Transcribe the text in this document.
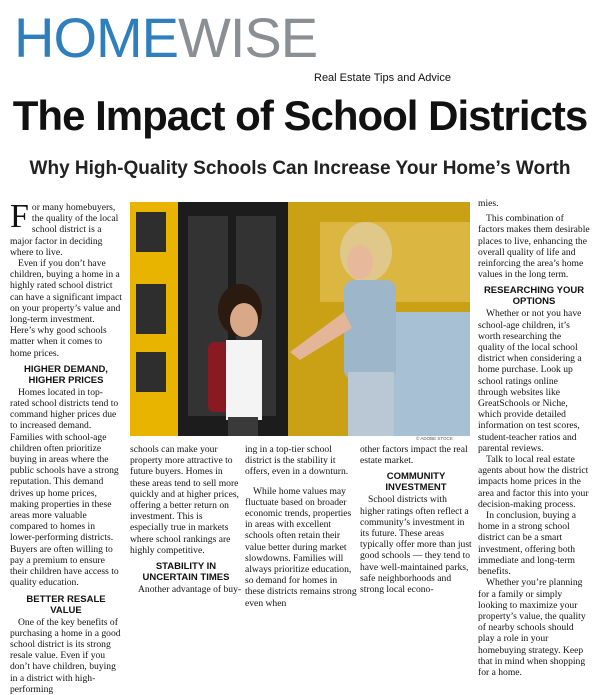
HOMEWISE
Real Estate Tips and Advice
The Impact of School Districts
Why High-Quality Schools Can Increase Your Home’s Worth

For many homebuyers, the quality of the local school district is a major factor in deciding where to live.

Even if you don’t have children, buying a home in a highly rated school district can have a significant impact on your property’s value and long-term investment. Here’s why good schools matter when it comes to home prices.

HIGHER DEMAND, HIGHER PRICES

Homes located in top-rated school districts tend to command higher prices due to increased demand. Families with school-age children often prioritize buying in areas where the public schools have a strong reputation. This demand drives up home prices, making properties in these areas more valuable compared to homes in lower-performing districts. Buyers are often willing to pay a premium to ensure their children have access to quality education.

BETTER RESALE VALUE

One of the key benefits of purchasing a home in a good school district is its strong resale value. Even if you don’t have children, buying in a district with high-performing

© ADOBE STOCK

schools can make your property more attractive to future buyers. Homes in these areas tend to sell more quickly and at higher prices, offering a better return on investment. This is especially true in markets where school rankings are highly competitive.

STABILITY IN UNCERTAIN TIMES

Another advantage of buy-

ing in a top-tier school district is the stability it offers, even in a downturn.

While home values may fluctuate based on broader economic trends, properties in areas with excellent schools often retain their value better during market slowdowns. Families will always prioritize education, so demand for homes in these districts remains strong even when

other factors impact the real estate market.

COMMUNITY INVESTMENT

School districts with higher ratings often reflect a community’s investment in its future. These areas typically offer more than just good schools — they tend to have well-maintained parks, safe neighborhoods and strong local econo-

mies.

This combination of factors makes them desirable places to live, enhancing the overall quality of life and reinforcing the area’s home values in the long term.

RESEARCHING YOUR OPTIONS

Whether or not you have school-age children, it’s worth researching the quality of the local school district when considering a home purchase. Look up school ratings online through websites like GreatSchools or Niche, which provide detailed information on test scores, student-teacher ratios and parental reviews.

Talk to local real estate agents about how the district impacts home prices in the area and factor this into your decision-making process.

In conclusion, buying a home in a strong school district can be a smart investment, offering both immediate and long-term benefits.

Whether you’re planning for a family or simply looking to maximize your property’s value, the quality of nearby schools should play a role in your homebuying strategy. Keep that in mind when shopping for a home.
